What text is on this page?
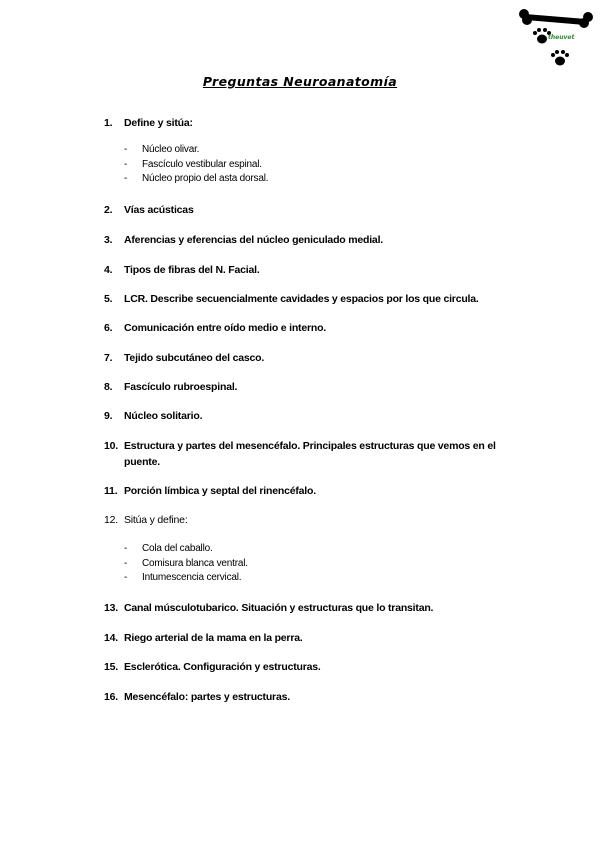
theuvet
Preguntas Neuroanatomía
1. Define y sitúa:
- Núcleo olivar.
- Fascículo vestibular espinal.
- Núcleo propio del asta dorsal.
2. Vías acústicas
3. Aferencias y eferencias del núcleo geniculado medial.
4. Tipos de fibras del N. Facial.
5. LCR. Describe secuencialmente cavidades y espacios por los que circula.
6. Comunicación entre oído medio e interno.
7. Tejido subcutáneo del casco.
8. Fascículo rubroespinal.
9. Núcleo solitario.
10. Estructura y partes del mesencéfalo. Principales estructuras que vemos en el puente.
11. Porción límbica y septal del rinencéfalo.
12. Sitúa y define:
- Cola del caballo.
- Comisura blanca ventral.
- Intumescencia cervical.
13. Canal músculotubarico. Situación y estructuras que lo transitan.
14. Riego arterial de la mama en la perra.
15. Esclerótica. Configuración y estructuras.
16. Mesencéfalo: partes y estructuras.
